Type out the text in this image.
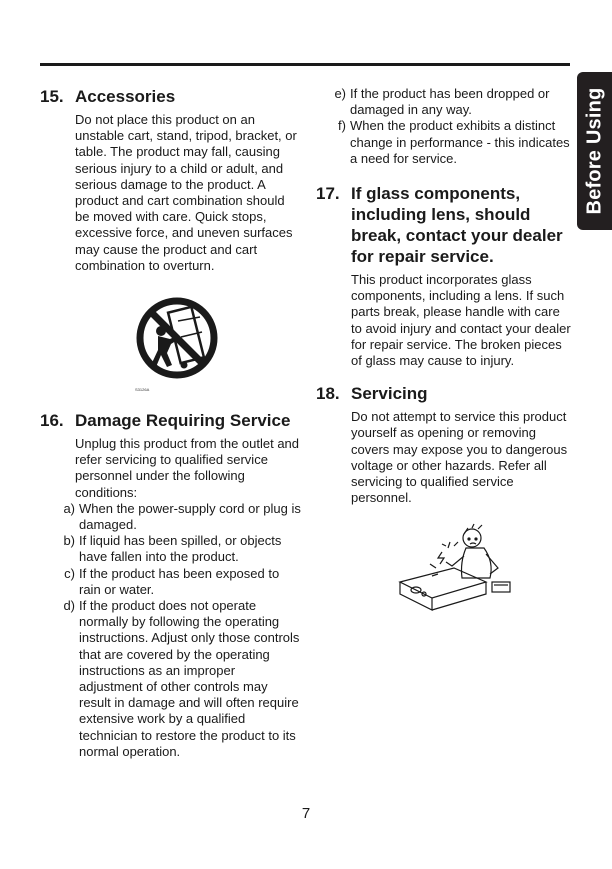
Before Using
15. Accessories

Do not place this product on an unstable cart, stand, tripod, bracket, or table. The product may fall, causing serious injury to a child or adult, and serious damage to the product. A product and cart combination should be moved with care. Quick stops, excessive force, and uneven surfaces may cause the product and cart combination to overturn.

S3126A
16. Damage Requiring Service

Unplug this product from the outlet and refer servicing to qualified service personnel under the following conditions:

a) When the power-supply cord or plug is damaged.
b) If liquid has been spilled, or objects have fallen into the product.
c) If the product has been exposed to rain or water.
d) If the product does not operate normally by following the operating instructions. Adjust only those controls that are covered by the operating instructions as an improper adjustment of other controls may result in damage and will often require extensive work by a qualified technician to restore the product to its normal operation.
e) If the product has been dropped or damaged in any way.
f) When the product exhibits a distinct change in performance - this indicates a need for service.
17. If glass components, including lens, should break, contact your dealer for repair service.

This product incorporates glass components, including a lens. If such parts break, please handle with care to avoid injury and contact your dealer for repair service. The broken pieces of glass may cause to injury.

18. Servicing

Do not attempt to service this product yourself as opening or removing covers may expose you to dangerous voltage or other hazards. Refer all servicing to qualified service personnel.

7
